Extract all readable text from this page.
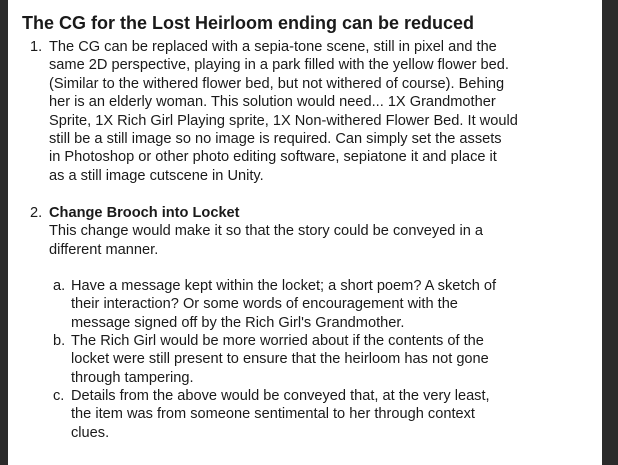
The CG for the Lost Heirloom ending can be reduced
1. The CG can be replaced with a sepia-tone scene, still in pixel and the
same 2D perspective, playing in a park filled with the yellow flower bed.
(Similar to the withered flower bed, but not withered of course). Behing
her is an elderly woman. This solution would need... 1X Grandmother
Sprite, 1X Rich Girl Playing sprite, 1X Non-withered Flower Bed. It would
still be a still image so no image is required. Can simply set the assets
in Photoshop or other photo editing software, sepiatone it and place it
as a still image cutscene in Unity.
2. Change Brooch into Locket
This change would make it so that the story could be conveyed in a
different manner.
a. Have a message kept within the locket; a short poem? A sketch of
their interaction? Or some words of encouragement with the
message signed off by the Rich Girl's Grandmother.
b. The Rich Girl would be more worried about if the contents of the
locket were still present to ensure that the heirloom has not gone
through tampering.
c. Details from the above would be conveyed that, at the very least,
the item was from someone sentimental to her through context
clues.
